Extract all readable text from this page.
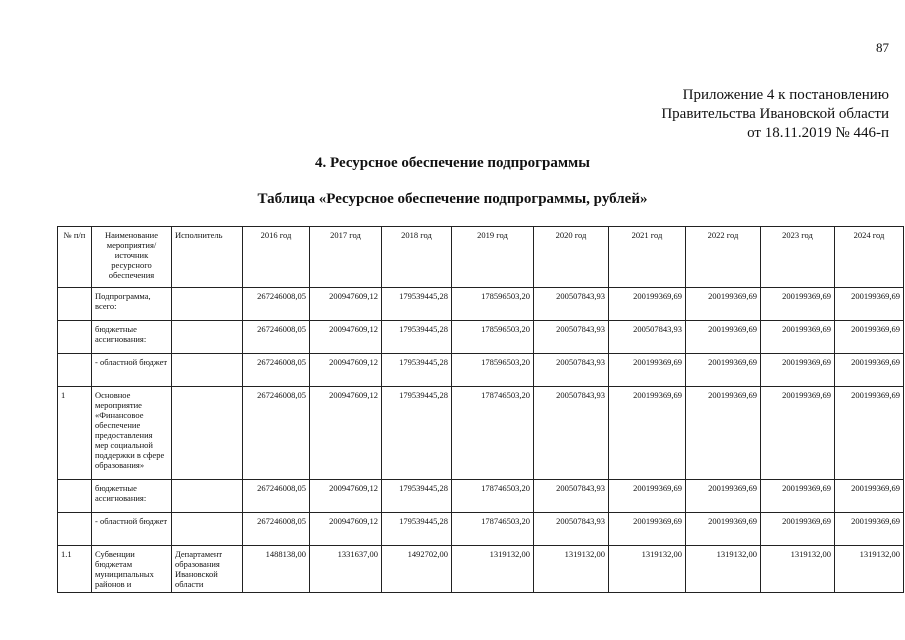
87
Приложение 4 к постановлению
Правительства Ивановской области
от 18.11.2019 № 446-п
4. Ресурсное обеспечение подпрограммы
Таблица «Ресурсное обеспечение подпрограммы, рублей»
№ п/п	Наименование мероприятия/ источник ресурсного обеспечения	Исполнитель	2016 год	2017 год	2018 год	2019 год	2020 год	2021 год	2022 год	2023 год	2024 год
	Подпрограмма, всего:		267246008,05	200947609,12	179539445,28	178596503,20	200507843,93	200199369,69	200199369,69	200199369,69	200199369,69
	бюджетные ассигнования:		267246008,05	200947609,12	179539445,28	178596503,20	200507843,93	200507843,93	200199369,69	200199369,69	200199369,69
	- областной бюджет		267246008,05	200947609,12	179539445,28	178596503,20	200507843,93	200199369,69	200199369,69	200199369,69	200199369,69
1	Основное мероприятие «Финансовое обеспечение предоставления мер социальной поддержки в сфере образования»		267246008,05	200947609,12	179539445,28	178746503,20	200507843,93	200199369,69	200199369,69	200199369,69	200199369,69
	бюджетные ассигнования:		267246008,05	200947609,12	179539445,28	178746503,20	200507843,93	200199369,69	200199369,69	200199369,69	200199369,69
	- областной бюджет		267246008,05	200947609,12	179539445,28	178746503,20	200507843,93	200199369,69	200199369,69	200199369,69	200199369,69
1.1	Субвенции бюджетам муниципальных районов и	Департамент образования Ивановской области	1488138,00	1331637,00	1492702,00	1319132,00	1319132,00	1319132,00	1319132,00	1319132,00	1319132,00
